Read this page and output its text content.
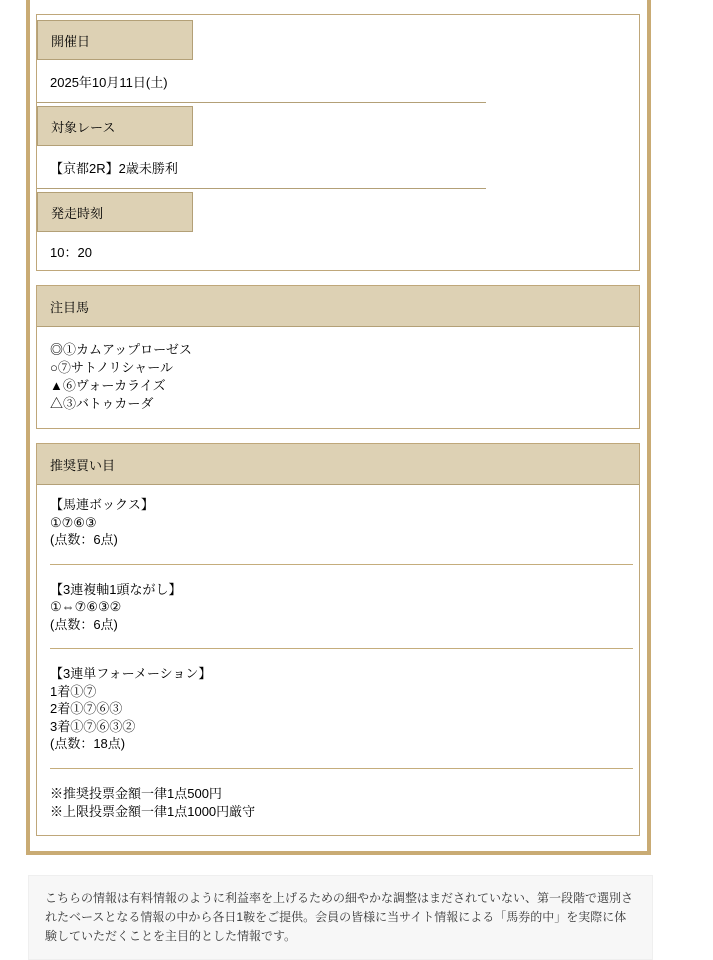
開催日
2025年10月11日(土)
対象レース
【京都2R】2歳未勝利
発走時刻
10：20
注目馬
◎①カムアップローゼス
○⑦サトノリシャール
▲⑥ヴォーカライズ
△③バトゥカーダ
推奨買い目
【馬連ボックス】
①⑦⑥③
(点数：6点)
【3連複軸1頭ながし】
①⇔⑦⑥③②
(点数：6点)
【3連単フォーメーション】
1着①⑦
2着①⑦⑥③
3着①⑦⑥③②
(点数：18点)
※推奨投票金額一律1点500円
※上限投票金額一律1点1000円厳守
こちらの情報は有料情報のように利益率を上げるための細やかな調整はまだされていない、第一段階で選別されたベースとなる情報の中から各日1鞍をご提供。会員の皆様に当サイト情報による「馬券的中」を実際に体験していただくことを主目的とした情報です。
